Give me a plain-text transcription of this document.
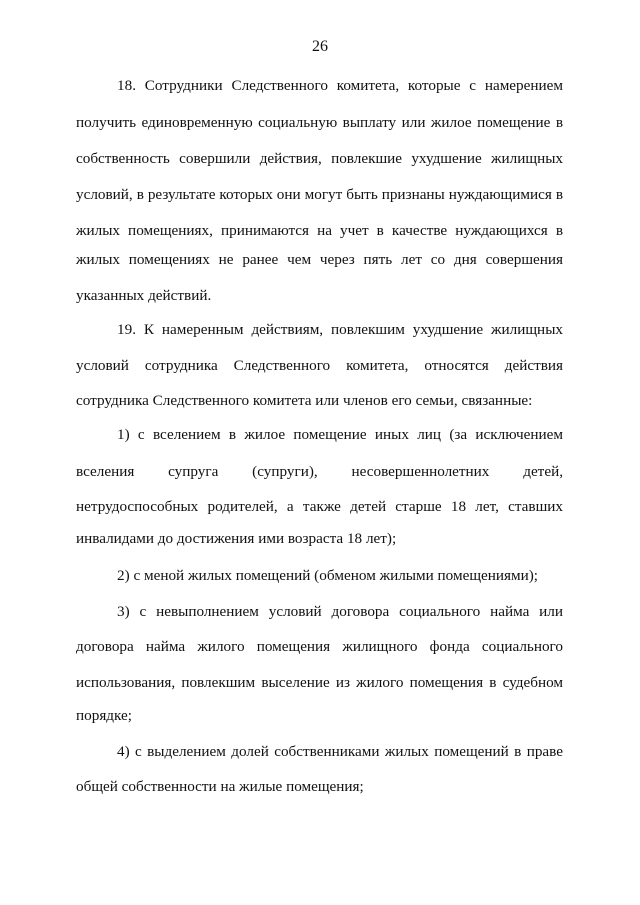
26
18. Сотрудники Следственного комитета, которые с намерением
получить единовременную социальную выплату или жилое помещение в
собственность совершили действия, повлекшие ухудшение жилищных
условий, в результате которых они могут быть признаны нуждающимися в
жилых помещениях, принимаются на учет в качестве нуждающихся в
жилых помещениях не ранее чем через пять лет со дня совершения
указанных действий.
19. К намеренным действиям, повлекшим ухудшение жилищных
условий сотрудника Следственного комитета, относятся действия
сотрудника Следственного комитета или членов его семьи, связанные:
1) с вселением в жилое помещение иных лиц (за исключением
вселения супруга (супруги), несовершеннолетних детей,
нетрудоспособных родителей, а также детей старше 18 лет, ставших
инвалидами до достижения ими возраста 18 лет);
2) с меной жилых помещений (обменом жилыми помещениями);
3) с невыполнением условий договора социального найма или
договора найма жилого помещения жилищного фонда социального
использования, повлекшим выселение из жилого помещения в судебном
порядке;
4) с выделением долей собственниками жилых помещений в праве
общей собственности на жилые помещения;
